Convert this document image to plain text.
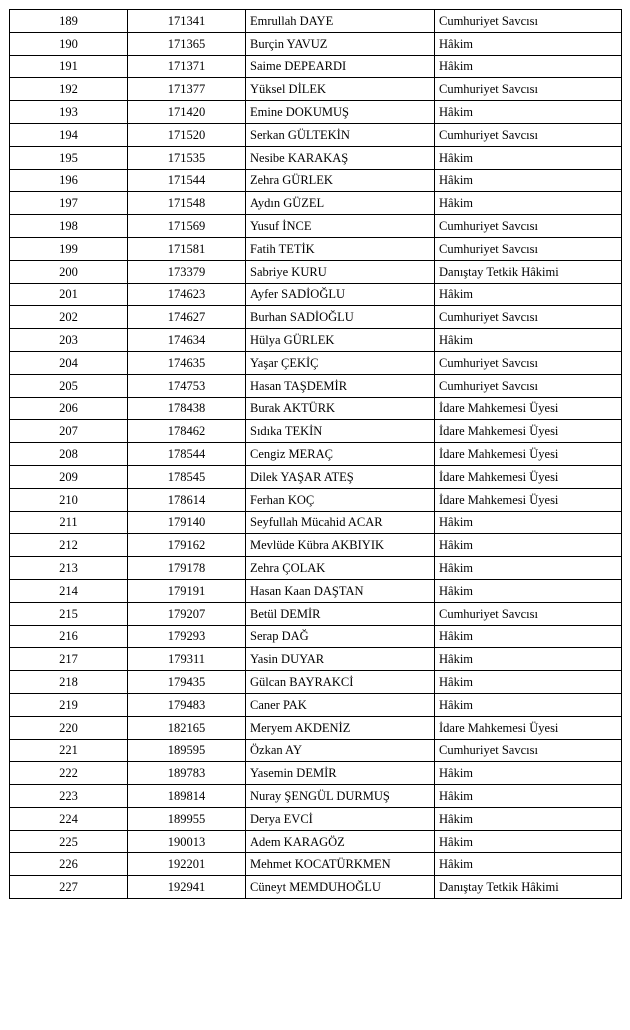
189	171341	Emrullah DAYE	Cumhuriyet Savcısı
190	171365	Burçin YAVUZ	Hâkim
191	171371	Saime DEPEARDI	Hâkim
192	171377	Yüksel DİLEK	Cumhuriyet Savcısı
193	171420	Emine DOKUMUŞ	Hâkim
194	171520	Serkan GÜLTEKİN	Cumhuriyet Savcısı
195	171535	Nesibe KARAKAŞ	Hâkim
196	171544	Zehra GÜRLEK	Hâkim
197	171548	Aydın GÜZEL	Hâkim
198	171569	Yusuf İNCE	Cumhuriyet Savcısı
199	171581	Fatih TETİK	Cumhuriyet Savcısı
200	173379	Sabriye KURU	Danıştay Tetkik Hâkimi
201	174623	Ayfer SADİOĞLU	Hâkim
202	174627	Burhan SADİOĞLU	Cumhuriyet Savcısı
203	174634	Hülya GÜRLEK	Hâkim
204	174635	Yaşar ÇEKİÇ	Cumhuriyet Savcısı
205	174753	Hasan TAŞDEMİR	Cumhuriyet Savcısı
206	178438	Burak AKTÜRK	İdare Mahkemesi Üyesi
207	178462	Sıdıka TEKİN	İdare Mahkemesi Üyesi
208	178544	Cengiz MERAÇ	İdare Mahkemesi Üyesi
209	178545	Dilek YAŞAR ATEŞ	İdare Mahkemesi Üyesi
210	178614	Ferhan KOÇ	İdare Mahkemesi Üyesi
211	179140	Seyfullah Mücahid ACAR	Hâkim
212	179162	Mevlüde Kübra AKBIYIK	Hâkim
213	179178	Zehra ÇOLAK	Hâkim
214	179191	Hasan Kaan DAŞTAN	Hâkim
215	179207	Betül DEMİR	Cumhuriyet Savcısı
216	179293	Serap DAĞ	Hâkim
217	179311	Yasin DUYAR	Hâkim
218	179435	Gülcan BAYRAKCİ	Hâkim
219	179483	Caner PAK	Hâkim
220	182165	Meryem AKDENİZ	İdare Mahkemesi Üyesi
221	189595	Özkan AY	Cumhuriyet Savcısı
222	189783	Yasemin DEMİR	Hâkim
223	189814	Nuray ŞENGÜL DURMUŞ	Hâkim
224	189955	Derya EVCİ	Hâkim
225	190013	Adem KARAGÖZ	Hâkim
226	192201	Mehmet KOCATÜRKMEN	Hâkim
227	192941	Cüneyt MEMDUHOĞLU	Danıştay Tetkik Hâkimi
